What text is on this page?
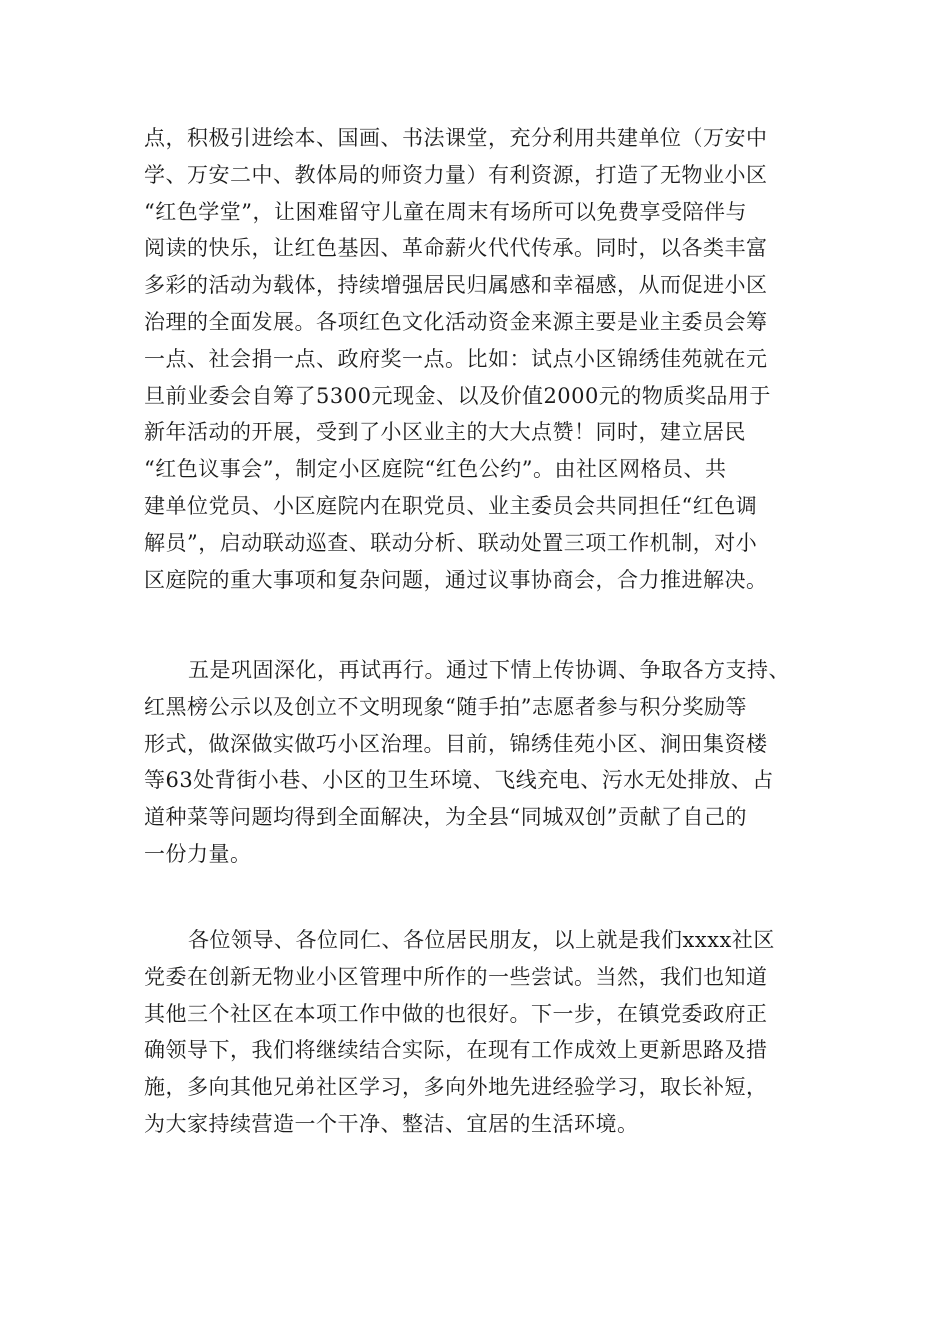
点，积极引进绘本、国画、书法课堂，充分利用共建单位（万安中
学、万安二中、教体局的师资力量）有利资源，打造了无物业小区
“红色学堂”，让困难留守儿童在周末有场所可以免费享受陪伴与
阅读的快乐，让红色基因、革命薪火代代传承。同时，以各类丰富
多彩的活动为载体，持续增强居民归属感和幸福感，从而促进小区
治理的全面发展。各项红色文化活动资金来源主要是业主委员会筹
一点、社会捐一点、政府奖一点。比如：试点小区锦绣佳苑就在元
旦前业委会自筹了5300元现金、以及价值2000元的物质奖品用于
新年活动的开展，受到了小区业主的大大点赞！同时，建立居民
“红色议事会”，制定小区庭院“红色公约”。由社区网格员、共
建单位党员、小区庭院内在职党员、业主委员会共同担任“红色调
解员”，启动联动巡查、联动分析、联动处置三项工作机制，对小
区庭院的重大事项和复杂问题，通过议事协商会，合力推进解决。
五是巩固深化，再试再行。通过下情上传协调、争取各方支持、
红黑榜公示以及创立不文明现象“随手拍”志愿者参与积分奖励等
形式，做深做实做巧小区治理。目前，锦绣佳苑小区、涧田集资楼
等63处背街小巷、小区的卫生环境、飞线充电、污水无处排放、占
道种菜等问题均得到全面解决，为全县“同城双创”贡献了自己的
一份力量。
各位领导、各位同仁、各位居民朋友，以上就是我们xxxx社区
党委在创新无物业小区管理中所作的一些尝试。当然，我们也知道
其他三个社区在本项工作中做的也很好。下一步，在镇党委政府正
确领导下，我们将继续结合实际，在现有工作成效上更新思路及措
施，多向其他兄弟社区学习，多向外地先进经验学习，取长补短，
为大家持续营造一个干净、整洁、宜居的生活环境。
